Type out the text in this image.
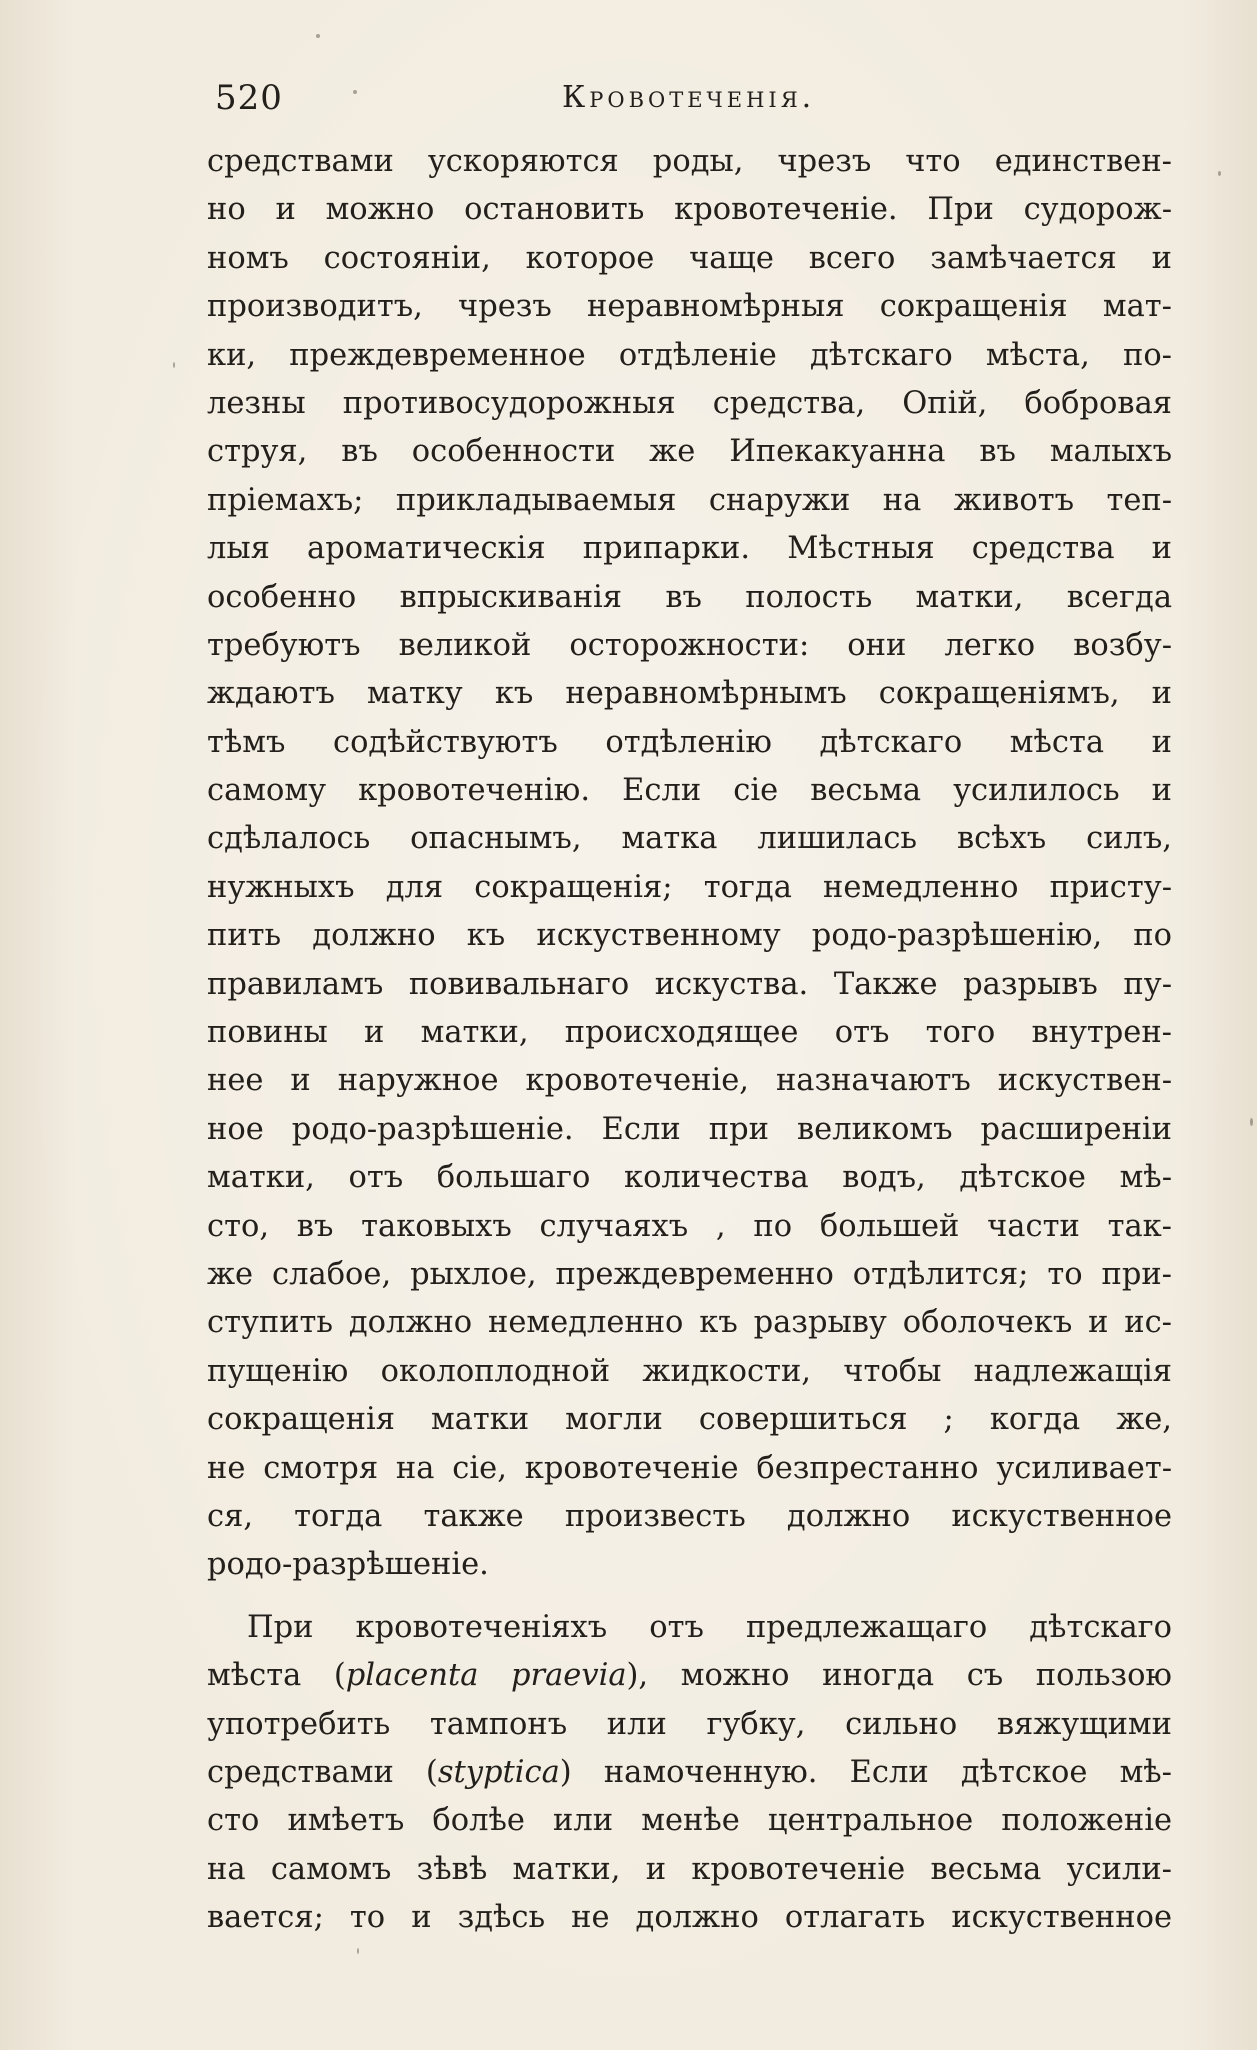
520	Кровотеченія.
средствами ускоряются роды, чрезъ что единствен-
но и можно остановить кровотеченіе. При судорож-
номъ состояніи, которое чаще всего замѣчается и
производитъ, чрезъ неравномѣрныя сокращенія мат-
ки, преждевременное отдѣленіе дѣтскаго мѣста, по-
лезны противосудорожныя средства, Опій, бобровая
струя, въ особенности же Ипекакуанна въ малыхъ
пріемахъ; прикладываемыя снаружи на животъ теп-
лыя ароматическія припарки. Мѣстныя средства и
особенно впрыскиванія въ полость матки, всегда
требуютъ великой осторожности: они легко возбу-
ждаютъ матку къ неравномѣрнымъ сокращеніямъ, и
тѣмъ содѣйствуютъ отдѣленію дѣтскаго мѣста и
самому кровотеченію. Если сіе весьма усилилось и
сдѣлалось опаснымъ, матка лишилась всѣхъ силъ,
нужныхъ для сокращенія; тогда немедленно присту-
пить должно къ искуственному родо-разрѣшенію, по
правиламъ повивальнаго искуства. Также разрывъ пу-
повины и матки, происходящее отъ того внутрен-
нее и наружное кровотеченіе, назначаютъ искуствен-
ное родо-разрѣшеніе. Если при великомъ расширеніи
матки, отъ большаго количества водъ, дѣтское мѣ-
сто, въ таковыхъ случаяхъ , по большей части так-
же слабое, рыхлое, преждевременно отдѣлится; то при-
ступить должно немедленно къ разрыву оболочекъ и ис-
пущенію околоплодной жидкости, чтобы надлежащія
сокращенія матки могли совершиться ; когда же,
не смотря на сіе, кровотеченіе безпрестанно усиливает-
ся, тогда также произвесть должно искуственное
родо-разрѣшеніе.
При кровотеченіяхъ отъ предлежащаго дѣтскаго
мѣста (placenta praevia), можно иногда съ пользою
употребить тампонъ или губку, сильно вяжущими
средствами (styptica) намоченную. Если дѣтское мѣ-
сто имѣетъ болѣе или менѣе центральное положеніе
на самомъ зѣвѣ матки, и кровотеченіе весьма усили-
вается; то и здѣсь не должно отлагать искуственное
